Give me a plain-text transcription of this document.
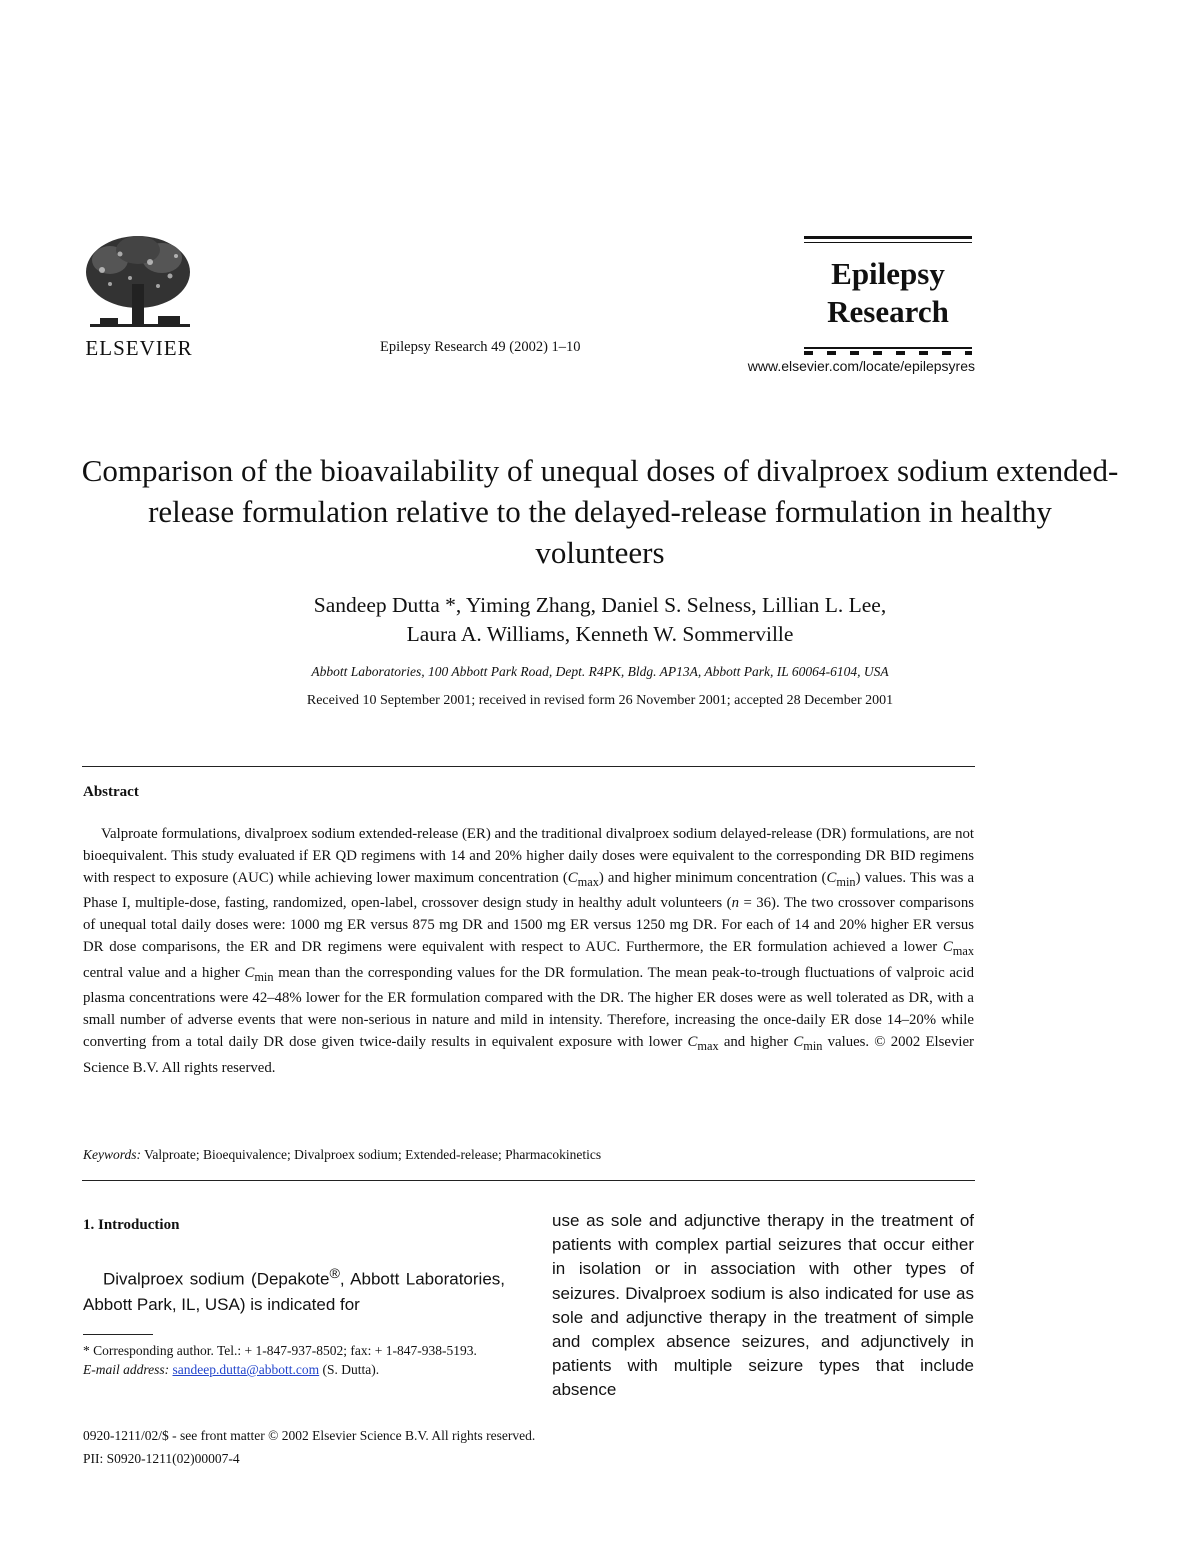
ELSEVIER	Epilepsy Research 49 (2002) 1–10
Epilepsy
Research
www.elsevier.com/locate/epilepsyres
Comparison of the bioavailability of unequal doses of divalproex sodium extended-release formulation relative to the delayed-release formulation in healthy volunteers
Sandeep Dutta *, Yiming Zhang, Daniel S. Selness, Lillian L. Lee,
Laura A. Williams, Kenneth W. Sommerville
Abbott Laboratories, 100 Abbott Park Road, Dept. R4PK, Bldg. AP13A, Abbott Park, IL 60064-6104, USA
Received 10 September 2001; received in revised form 26 November 2001; accepted 28 December 2001
Abstract
Valproate formulations, divalproex sodium extended-release (ER) and the traditional divalproex sodium delayed-release (DR) formulations, are not bioequivalent. This study evaluated if ER QD regimens with 14 and 20% higher daily doses were equivalent to the corresponding DR BID regimens with respect to exposure (AUC) while achieving lower maximum concentration $(C_{max})$ and higher minimum concentration $(C_{min})$ values. This was a Phase I, multiple-dose, fasting, randomized, open-label, crossover design study in healthy adult volunteers (n = 36). The two crossover comparisons of unequal total daily doses were: 1000 mg ER versus 875 mg DR and 1500 mg ER versus 1250 mg DR. For each of 14 and 20% higher ER versus DR dose comparisons, the ER and DR regimens were equivalent with respect to AUC. Furthermore, the ER formulation achieved a lower $C_{max}$ central value and a higher $C_{min}$ mean than the corresponding values for the DR formulation. The mean peak-to-trough fluctuations of valproic acid plasma concentrations were 42–48% lower for the ER formulation compared with the DR. The higher ER doses were as well tolerated as DR, with a small number of adverse events that were non-serious in nature and mild in intensity. Therefore, increasing the once-daily ER dose 14–20% while converting from a total daily DR dose given twice-daily results in equivalent exposure with lower $C_{max}$ and higher $C_{min}$ values. © 2002 Elsevier Science B.V. All rights reserved.
Keywords: Valproate; Bioequivalence; Divalproex sodium; Extended-release; Pharmacokinetics
1. Introduction
Divalproex sodium (Depakote®, Abbott Laboratories, Abbott Park, IL, USA) is indicated for
use as sole and adjunctive therapy in the treatment of patients with complex partial seizures that occur either in isolation or in association with other types of seizures. Divalproex sodium is also indicated for use as sole and adjunctive therapy in the treatment of simple and complex absence seizures, and adjunctively in patients with multiple seizure types that include absence
* Corresponding author. Tel.: + 1-847-937-8502; fax: + 1-847-938-5193.
E-mail address: sandeep.dutta@abbott.com (S. Dutta).
0920-1211/02/$ - see front matter © 2002 Elsevier Science B.V. All rights reserved.
PII: S0920-1211(02)00007-4
